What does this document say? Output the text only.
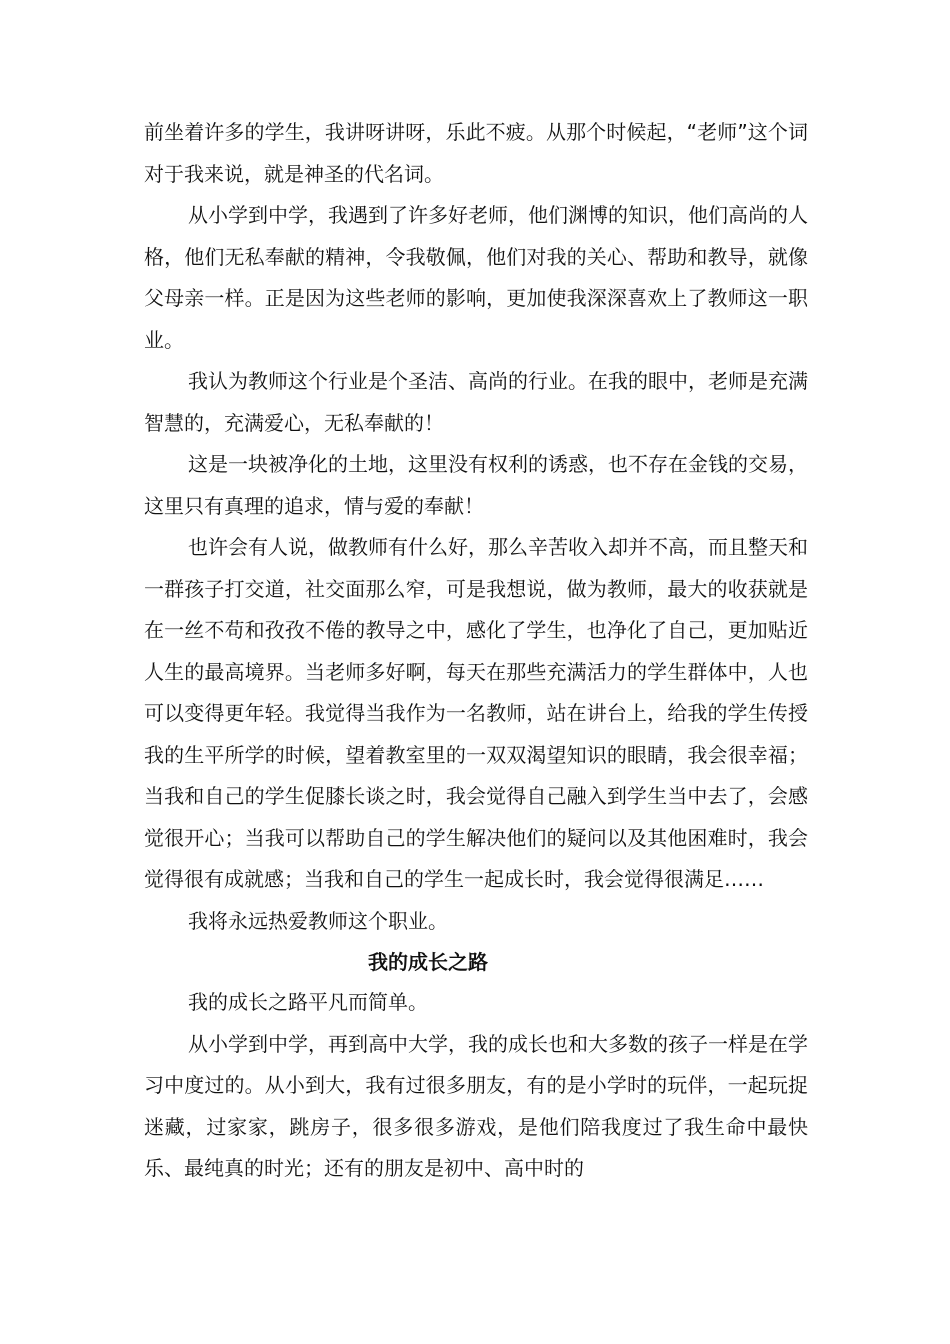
前坐着许多的学生，我讲呀讲呀，乐此不疲。从那个时候起，“老师”这个词对于我来说，就是神圣的代名词。

从小学到中学，我遇到了许多好老师，他们渊博的知识，他们高尚的人格，他们无私奉献的精神，令我敬佩，他们对我的关心、帮助和教导，就像父母亲一样。正是因为这些老师的影响，更加使我深深喜欢上了教师这一职业。

我认为教师这个行业是个圣洁、高尚的行业。在我的眼中，老师是充满智慧的，充满爱心，无私奉献的！

这是一块被净化的土地，这里没有权利的诱惑，也不存在金钱的交易，这里只有真理的追求，情与爱的奉献！

也许会有人说，做教师有什么好，那么辛苦收入却并不高，而且整天和一群孩子打交道，社交面那么窄，可是我想说，做为教师，最大的收获就是在一丝不苟和孜孜不倦的教导之中，感化了学生，也净化了自己，更加贴近人生的最高境界。当老师多好啊，每天在那些充满活力的学生群体中，人也可以变得更年轻。我觉得当我作为一名教师，站在讲台上，给我的学生传授我的生平所学的时候，望着教室里的一双双渴望知识的眼睛，我会很幸福；当我和自己的学生促膝长谈之时，我会觉得自己融入到学生当中去了，会感觉很开心；当我可以帮助自己的学生解决他们的疑问以及其他困难时，我会觉得很有成就感；当我和自己的学生一起成长时，我会觉得很满足……

我将永远热爱教师这个职业。

我的成长之路

我的成长之路平凡而简单。

从小学到中学，再到高中大学，我的成长也和大多数的孩子一样是在学习中度过的。从小到大，我有过很多朋友，有的是小学时的玩伴，一起玩捉迷藏，过家家，跳房子，很多很多游戏，是他们陪我度过了我生命中最快乐、最纯真的时光；还有的朋友是初中、高中时的
